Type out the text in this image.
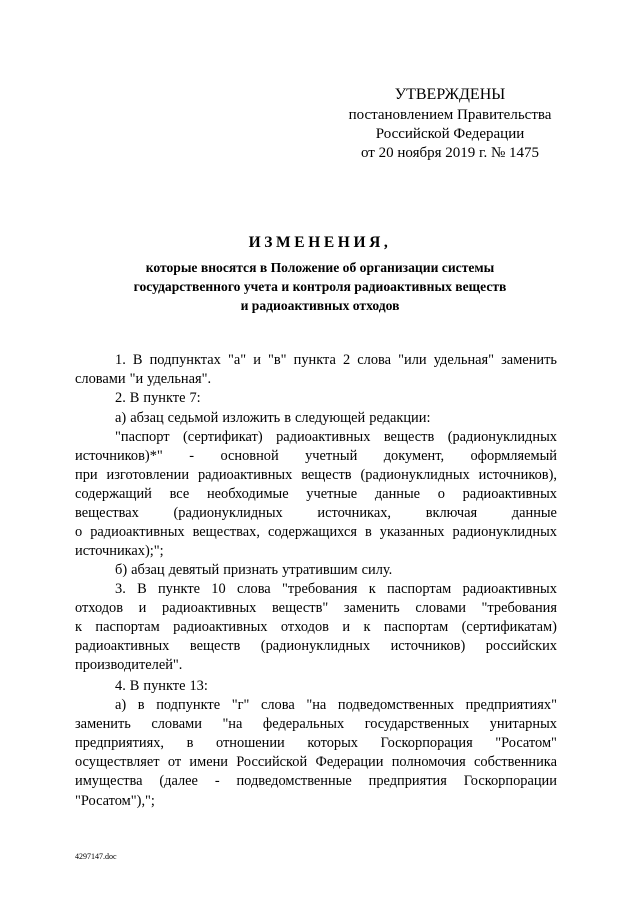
УТВЕРЖДЕНЫ
постановлением Правительства
Российской Федерации
от 20 ноября 2019 г. № 1475
ИЗМЕНЕНИЯ,
которые вносятся в Положение об организации системы
государственного учета и контроля радиоактивных веществ
и радиоактивных отходов
1. В подпунктах "а" и "в" пункта 2 слова "или удельная" заменить
словами "и удельная".
2. В пункте 7:
а) абзац седьмой изложить в следующей редакции:
"паспорт (сертификат) радиоактивных веществ (радионуклидных
источников)*" - основной учетный документ, оформляемый
при изготовлении радиоактивных веществ (радионуклидных источников),
содержащий все необходимые учетные данные о радиоактивных
веществах (радионуклидных источниках, включая данные
о радиоактивных веществах, содержащихся в указанных радионуклидных
источниках);";
б) абзац девятый признать утратившим силу.
3. В пункте 10 слова "требования к паспортам радиоактивных
отходов и радиоактивных веществ" заменить словами "требования
к паспортам радиоактивных отходов и к паспортам (сертификатам)
радиоактивных веществ (радионуклидных источников) российских
производителей".
4. В пункте 13:
а) в подпункте "г" слова "на подведомственных предприятиях"
заменить словами "на федеральных государственных унитарных
предприятиях, в отношении которых Госкорпорация "Росатом"
осуществляет от имени Российской Федерации полномочия собственника
имущества (далее - подведомственные предприятия Госкорпорации
"Росатом"),";
4297147.doc
